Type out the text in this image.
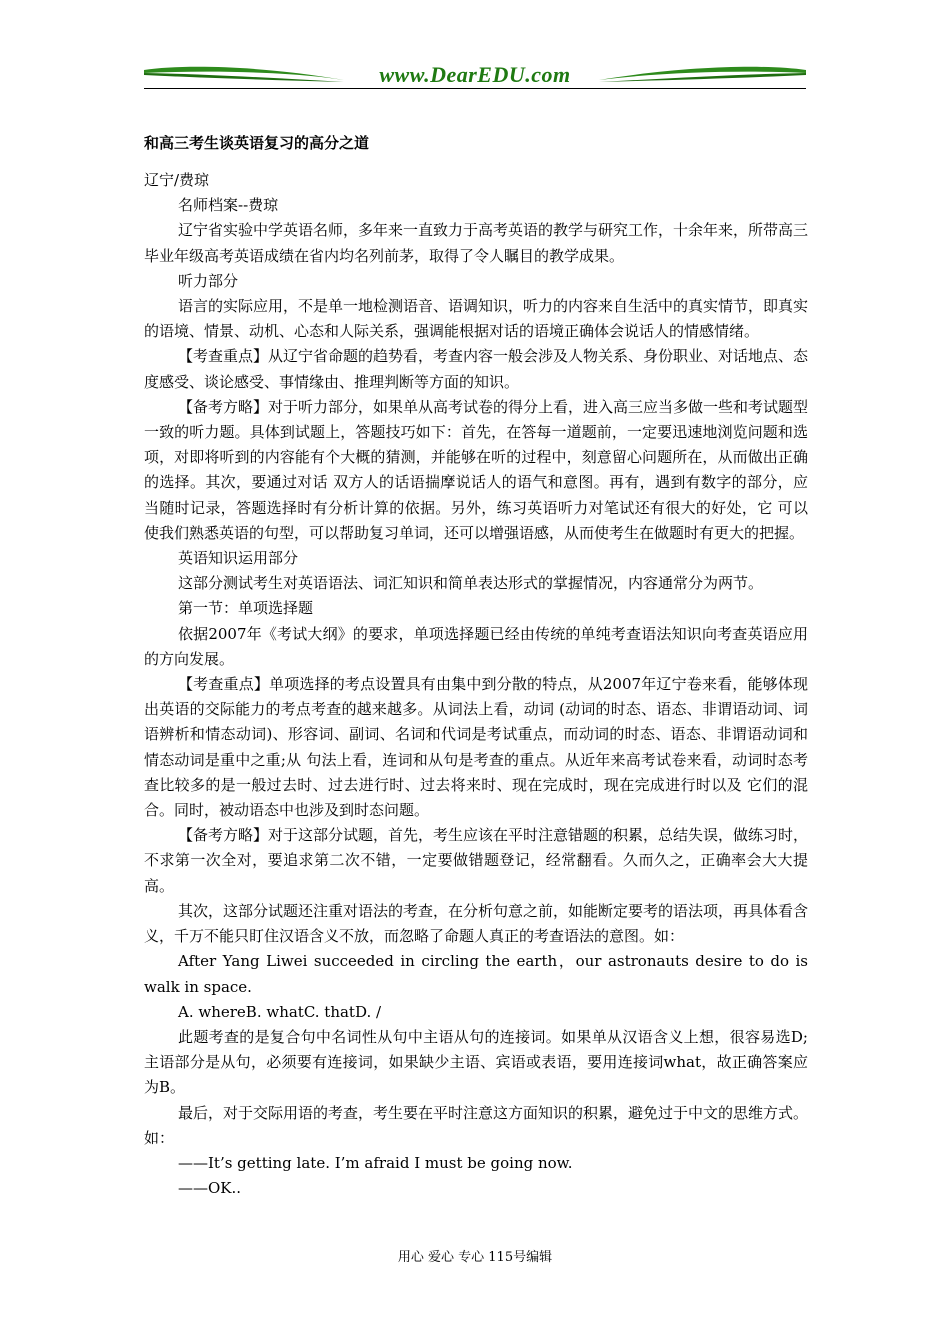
www.DearEDU.com
和高三考生谈英语复习的高分之道

辽宁/费琼

名师档案--费琼

辽宁省实验中学英语名师，多年来一直致力于高考英语的教学与研究工作，十余年来，所带高三毕业年级高考英语成绩在省内均名列前茅，取得了令人瞩目的教学成果。

听力部分

语言的实际应用，不是单一地检测语音、语调知识，听力的内容来自生活中的真实情节，即真实的语境、情景、动机、心态和人际关系，强调能根据对话的语境正确体会说话人的情感情绪。

【考查重点】从辽宁省命题的趋势看，考查内容一般会涉及人物关系、身份职业、对话地点、态度感受、谈论感受、事情缘由、推理判断等方面的知识。

【备考方略】对于听力部分，如果单从高考试卷的得分上看，进入高三应当多做一些和考试题型一致的听力题。具体到试题上，答题技巧如下：首先，在答每一道题前，一定要迅速地浏览问题和选项，对即将听到的内容能有个大概的猜测，并能够在听的过程中，刻意留心问题所在，从而做出正确的选择。其次，要通过对话 双方人的话语揣摩说话人的语气和意图。再有，遇到有数字的部分，应当随时记录，答题选择时有分析计算的依据。另外，练习英语听力对笔试还有很大的好处，它 可以使我们熟悉英语的句型，可以帮助复习单词，还可以增强语感，从而使考生在做题时有更大的把握。

英语知识运用部分

这部分测试考生对英语语法、词汇知识和简单表达形式的掌握情况，内容通常分为两节。

第一节：单项选择题

依据2007年《考试大纲》的要求，单项选择题已经由传统的单纯考查语法知识向考查英语应用的方向发展。

【考查重点】单项选择的考点设置具有由集中到分散的特点，从2007年辽宁卷来看，能够体现出英语的交际能力的考点考查的越来越多。从词法上看，动词 (动词的时态、语态、非谓语动词、词语辨析和情态动词)、形容词、副词、名词和代词是考试重点，而动词的时态、语态、非谓语动词和情态动词是重中之重;从 句法上看，连词和从句是考查的重点。从近年来高考试卷来看，动词时态考查比较多的是一般过去时、过去进行时、过去将来时、现在完成时，现在完成进行时以及 它们的混合。同时，被动语态中也涉及到时态问题。

【备考方略】对于这部分试题，首先，考生应该在平时注意错题的积累，总结失误，做练习时，不求第一次全对，要追求第二次不错，一定要做错题登记，经常翻看。久而久之，正确率会大大提高。

其次，这部分试题还注重对语法的考查，在分析句意之前，如能断定要考的语法项，再具体看含义，千万不能只盯住汉语含义不放，而忽略了命题人真正的考查语法的意图。如：

After Yang Liwei succeeded in circling the earth，our astronauts desire to do is walk in space.

A. whereB. whatC. thatD. /

此题考查的是复合句中名词性从句中主语从句的连接词。如果单从汉语含义上想，很容易选D; 主语部分是从句，必须要有连接词，如果缺少主语、宾语或表语，要用连接词what，故正确答案应为B。

最后，对于交际用语的考查，考生要在平时注意这方面知识的积累，避免过于中文的思维方式。如：

——It’s getting late. I’m afraid I must be going now.

——OK..

用心 爱心 专心 115号编辑
